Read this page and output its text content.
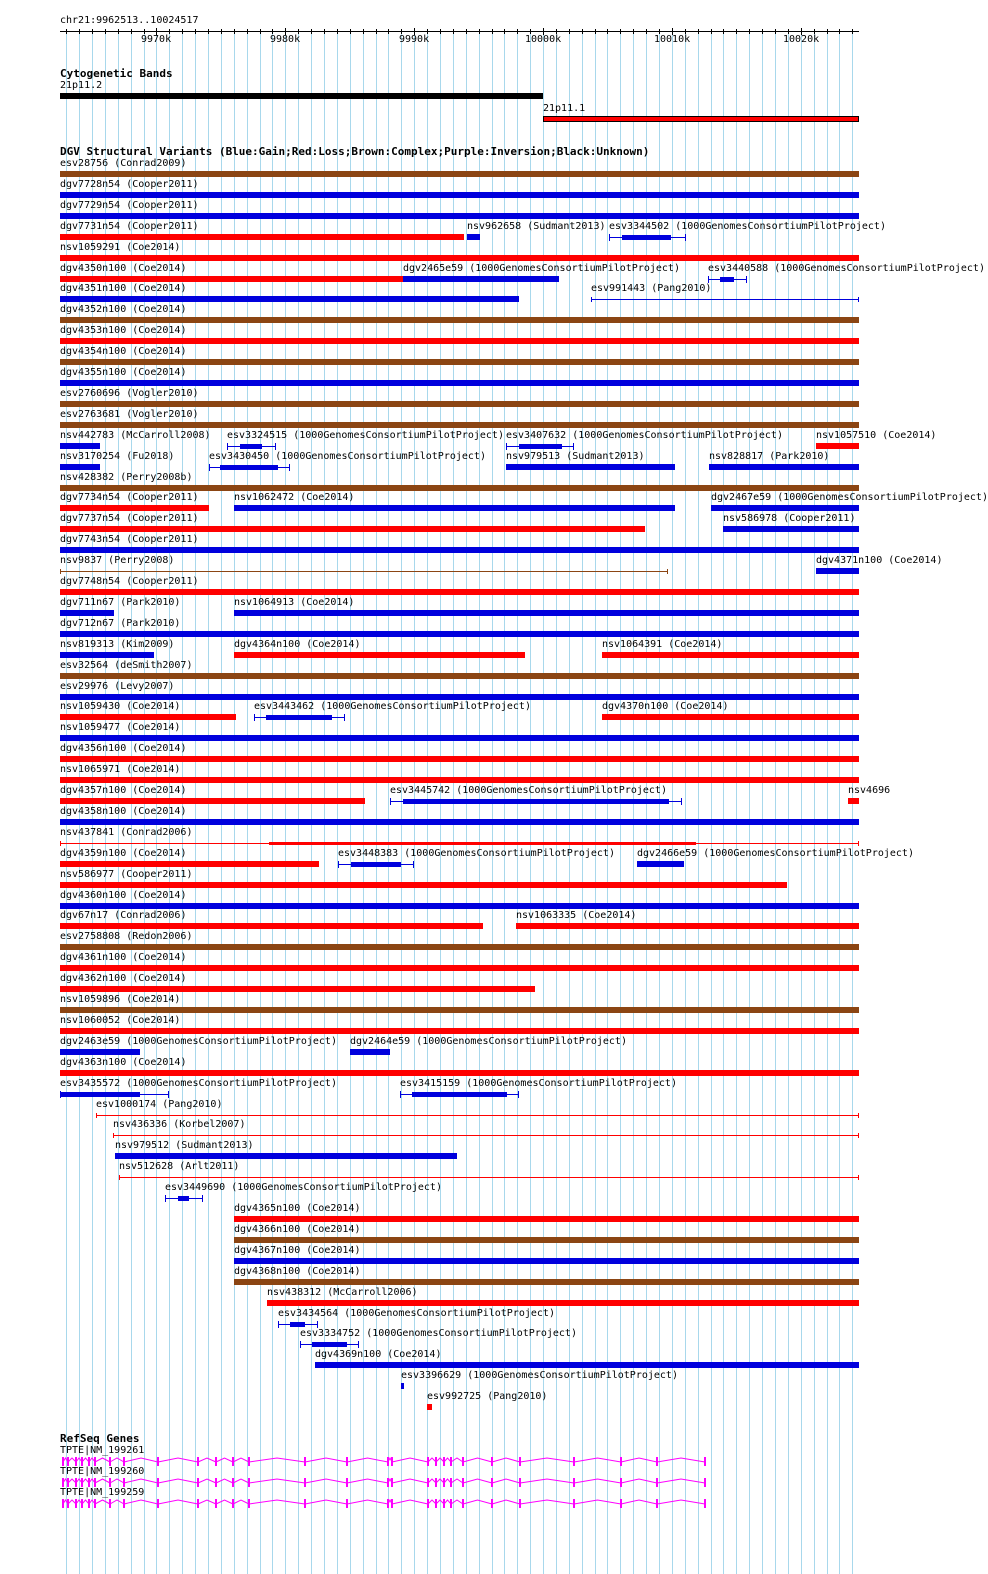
chr21:9962513..10024517
9970k	9980k	9990k	10000k	10010k	10020k
Cytogenetic Bands
21p11.2
21p11.1
DGV Structural Variants (Blue:Gain;Red:Loss;Brown:Complex;Purple:Inversion;Black:Unknown)
esv28756 (Conrad2009)
dgv7728n54 (Cooper2011)
dgv7729n54 (Cooper2011)
dgv7731n54 (Cooper2011)	nsv962658 (Sudmant2013) esv3344502 (1000GenomesConsortiumPilotProject)
nsv1059291 (Coe2014)
dgv4350n100 (Coe2014)	dgv2465e59 (1000GenomesConsortiumPilotProject)	esv3440588 (1000GenomesConsortiumPilotProject)
dgv4351n100 (Coe2014)	esv991443 (Pang2010)
dgv4352n100 (Coe2014)
dgv4353n100 (Coe2014)
dgv4354n100 (Coe2014)
dgv4355n100 (Coe2014)
esv2760696 (Vogler2010)
esv2763681 (Vogler2010)
nsv442783 (McCarroll2008) esv3324515 (1000GenomesConsortiumPilotProject) esv3407632 (1000GenomesConsortiumPilotProject)	nsv1057510 (Coe2014)
nsv3170254 (Fu2018)	esv3430450 (1000GenomesConsortiumPilotProject) nsv979513 (Sudmant2013)	nsv828817 (Park2010)
nsv428382 (Perry2008b)
dgv7734n54 (Cooper2011)	nsv1062472 (Coe2014)	dgv2467e59 (1000GenomesConsortiumPilotProject)
dgv7737n54 (Cooper2011)	nsv586978 (Cooper2011)
dgv7743n54 (Cooper2011)
nsv9837 (Perry2008)	dgv4371n100 (Coe2014)
dgv7748n54 (Cooper2011)
dgv711n67 (Park2010)	nsv1064913 (Coe2014)
dgv712n67 (Park2010)
nsv819313 (Kim2009)	dgv4364n100 (Coe2014)	nsv1064391 (Coe2014)
esv32564 (deSmith2007)
esv29976 (Levy2007)
nsv1059430 (Coe2014)	esv3443462 (1000GenomesConsortiumPilotProject)	dgv4370n100 (Coe2014)
nsv1059477 (Coe2014)
dgv4356n100 (Coe2014)
nsv1065971 (Coe2014)
dgv4357n100 (Coe2014)	esv3445742 (1000GenomesConsortiumPilotProject)	nsv4696
dgv4358n100 (Coe2014)
nsv437841 (Conrad2006)
dgv4359n100 (Coe2014)	esv3448383 (1000GenomesConsortiumPilotProject) dgv2466e59 (1000GenomesConsortiumPilotProject)
nsv586977 (Cooper2011)
dgv4360n100 (Coe2014)
dgv67n17 (Conrad2006)	nsv1063335 (Coe2014)
esv2758808 (Redon2006)
dgv4361n100 (Coe2014)
dgv4362n100 (Coe2014)
nsv1059896 (Coe2014)
nsv1060052 (Coe2014)
dgv2463e59 (1000GenomesConsortiumPilotProject) dgv2464e59 (1000GenomesConsortiumPilotProject)
dgv4363n100 (Coe2014)
esv3435572 (1000GenomesConsortiumPilotProject)	esv3415159 (1000GenomesConsortiumPilotProject)
esv1000174 (Pang2010)
nsv436336 (Korbel2007)
nsv979512 (Sudmant2013)
nsv512628 (Arlt2011)
esv3449690 (1000GenomesConsortiumPilotProject)
dgv4365n100 (Coe2014)
dgv4366n100 (Coe2014)
dgv4367n100 (Coe2014)
dgv4368n100 (Coe2014)
nsv438312 (McCarroll2006)
esv3434564 (1000GenomesConsortiumPilotProject)
esv3334752 (1000GenomesConsortiumPilotProject)
dgv4369n100 (Coe2014)
esv3396629 (1000GenomesConsortiumPilotProject)
esv992725 (Pang2010)
RefSeq Genes
TPTE|NM_199261
TPTE|NM_199260
TPTE|NM_199259
